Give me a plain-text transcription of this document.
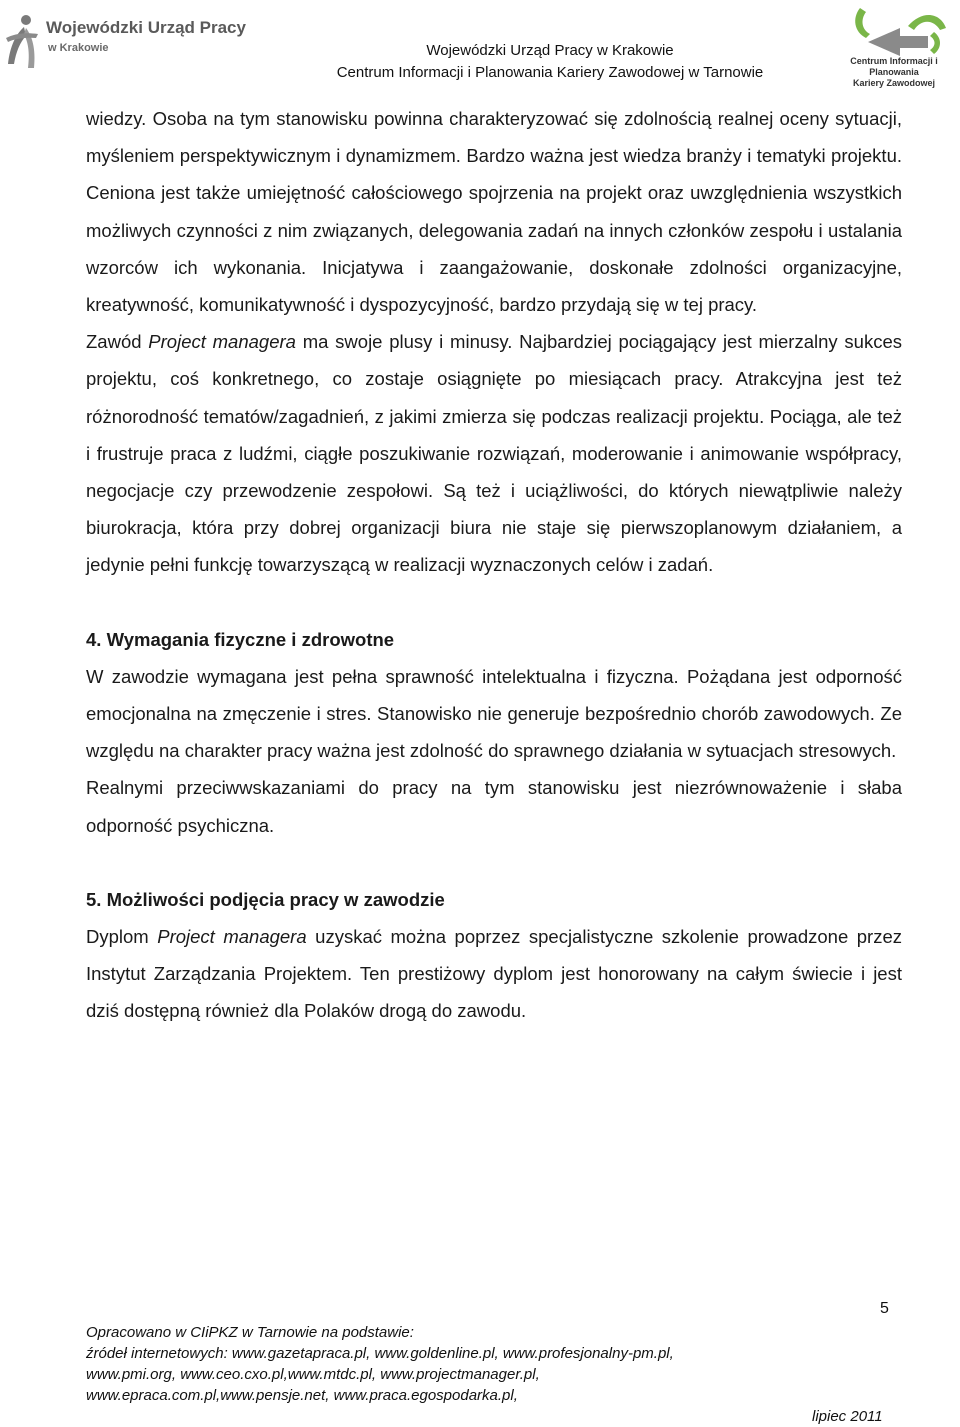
Wojewódzki Urząd Pracy
w Krakowie	Wojewódzki Urząd Pracy w Krakowie
Centrum Informacji i Planowania Kariery Zawodowej w Tarnowie
Centrum Informacji i Planowania
Kariery Zawodowej

wiedzy. Osoba na tym stanowisku powinna charakteryzować się zdolnością realnej oceny sytuacji, myśleniem perspektywicznym i dynamizmem. Bardzo ważna jest wiedza branży i tematyki projektu. Ceniona jest także umiejętność całościowego spojrzenia na projekt oraz uwzględnienia wszystkich możliwych czynności z nim związanych, delegowania zadań na innych członków zespołu i ustalania wzorców ich wykonania. Inicjatywa i zaangażowanie, doskonałe zdolności organizacyjne, kreatywność, komunikatywność i dyspozycyjność, bardzo przydają się w tej pracy.

Zawód Project managera ma swoje plusy i minusy. Najbardziej pociągający jest mierzalny sukces projektu, coś konkretnego, co zostaje osiągnięte po miesiącach pracy. Atrakcyjna jest też różnorodność tematów/zagadnień, z jakimi zmierza się podczas realizacji projektu. Pociąga, ale też i frustruje praca z ludźmi, ciągłe poszukiwanie rozwiązań, moderowanie i animowanie współpracy, negocjacje czy przewodzenie zespołowi. Są też i uciążliwości, do których niewątpliwie należy biurokracja, która przy dobrej organizacji biura nie staje się pierwszoplanowym działaniem, a jedynie pełni funkcję towarzyszącą w realizacji wyznaczonych celów i zadań.

4. Wymagania fizyczne i zdrowotne

W zawodzie wymagana jest pełna sprawność intelektualna i fizyczna. Pożądana jest odporność emocjonalna na zmęczenie i stres. Stanowisko nie generuje bezpośrednio chorób zawodowych. Ze względu na charakter pracy ważna jest zdolność do sprawnego działania w sytuacjach stresowych.

Realnymi przeciwwskazaniami do pracy na tym stanowisku jest niezrównoważenie i słaba odporność psychiczna.

5. Możliwości podjęcia pracy w zawodzie

Dyplom Project managera uzyskać można poprzez specjalistyczne szkolenie prowadzone przez Instytut Zarządzania Projektem. Ten prestiżowy dyplom jest honorowany na całym świecie i jest dziś dostępną również dla Polaków drogą do zawodu.

5
Opracowano w CIiPKZ w Tarnowie na podstawie:
źródeł internetowych: www.gazetapraca.pl, www.goldenline.pl, www.profesjonalny-pm.pl,
www.pmi.org, www.ceo.cxo.pl,www.mtdc.pl, www.projectmanager.pl,
www.epraca.com.pl,www.pensje.net, www.praca.egospodarka.pl,
lipiec 2011
